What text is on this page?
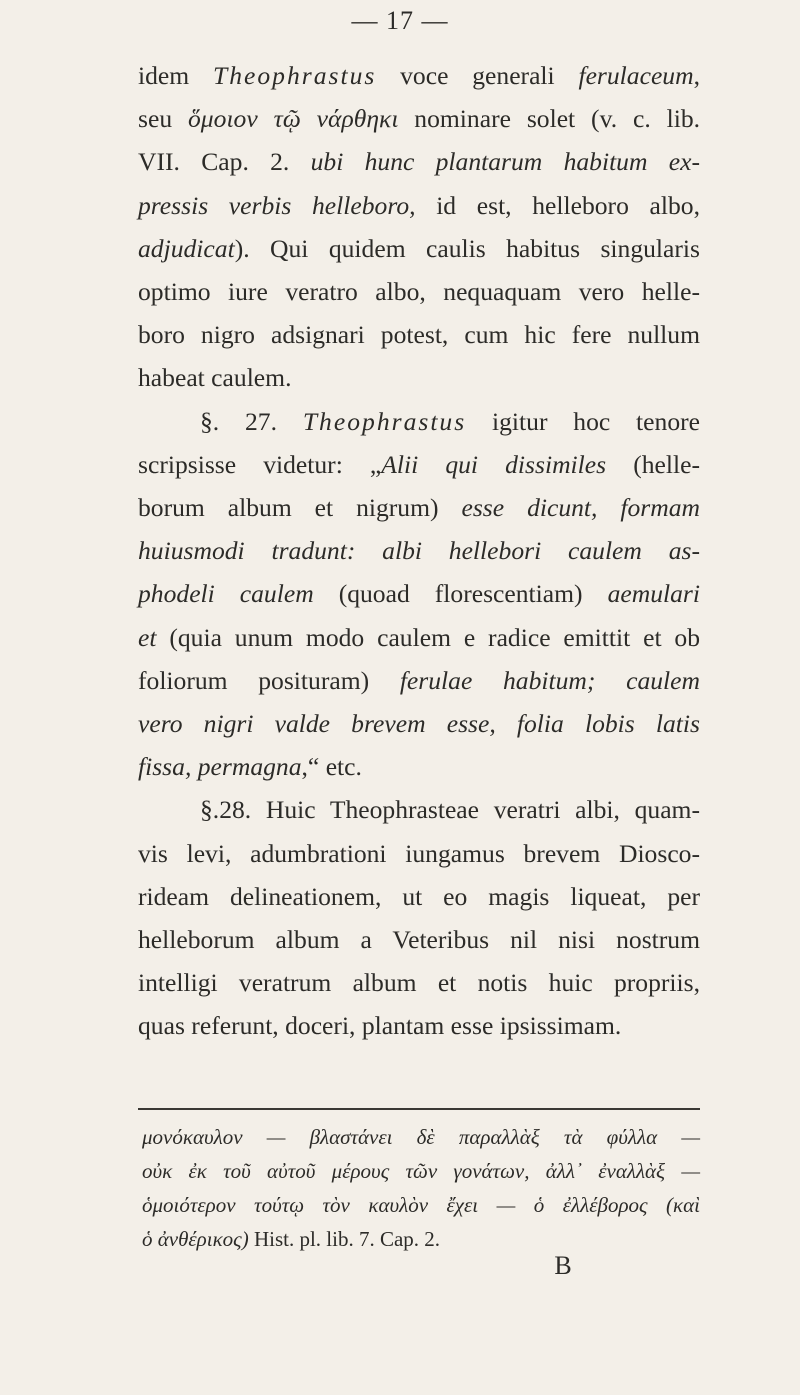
— 17 —
idem Theophrastus voce generali ferulaceum,
seu ὅμοιον τῷ νάρθηκι nominare solet (v. c. lib.
VII. Cap. 2. ubi hunc plantarum habitum ex-
pressis verbis helleboro, id est, helleboro albo,
adjudicat). Qui quidem caulis habitus singularis
optimo iure veratro albo, nequaquam vero helle-
boro nigro adsignari potest, cum hic fere nullum
habeat caulem.
§. 27. Theophrastus igitur hoc tenore
scripsisse videtur: „Alii qui dissimiles (helle-
borum album et nigrum) esse dicunt, formam
huiusmodi tradunt: albi hellebori caulem as-
phodeli caulem (quoad florescentiam) aemulari
et (quia unum modo caulem e radice emittit et ob
foliorum posituram) ferulae habitum; caulem
vero nigri valde brevem esse, folia lobis latis
fissa, permagna,“ etc.
§.28. Huic Theophrasteae veratri albi, quam-
vis levi, adumbrationi iungamus brevem Diosco-
rideam delineationem, ut eo magis liqueat, per
helleborum album a Veteribus nil nisi nostrum
intelligi veratrum album et notis huic propriis,
quas referunt, doceri, plantam esse ipsissimam.
μονόκαυλον — βλαστάνει δὲ παραλλὰξ τὰ φύλλα —
οὐκ ἐκ τοῦ αὐτοῦ μέρους τῶν γονάτων, ἀλλ᾽ ἐναλλὰξ —
ὁμοιότερον τούτῳ τὸν καυλὸν ἔχει — ὁ ἐλλέβορος (καὶ
ὁ ἀνθέρικος) Hist. pl. lib. 7. Cap. 2.
B
